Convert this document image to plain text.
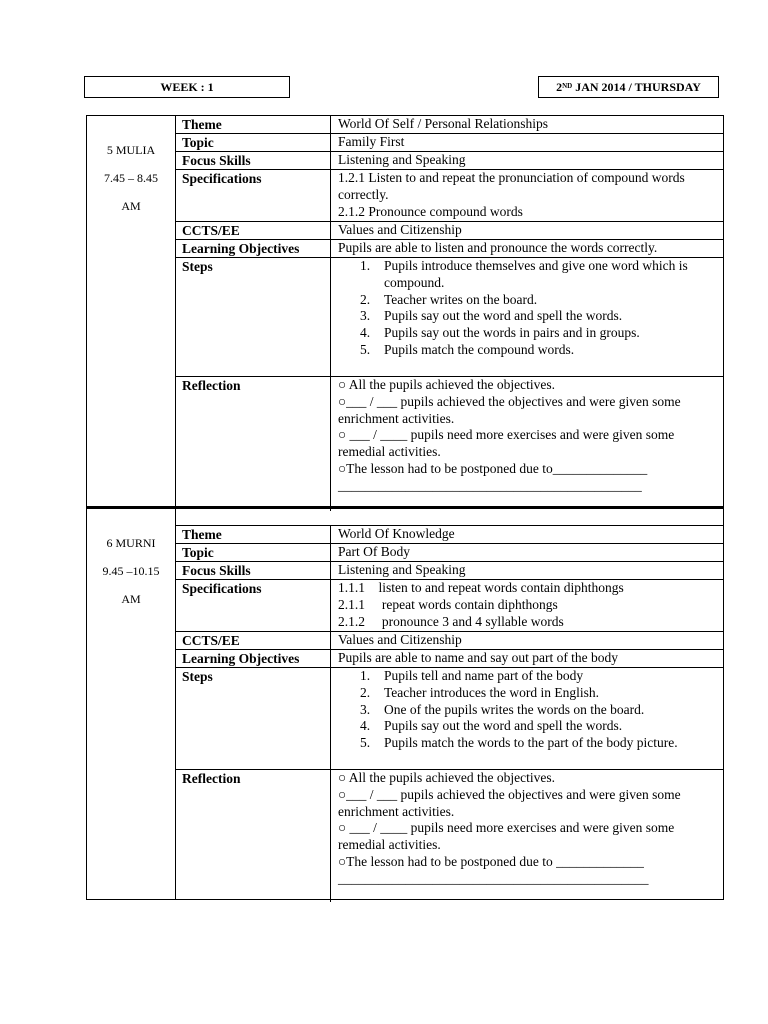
WEEK : 1	2ND JAN 2014 / THURSDAY
5 MULIA
7.45 – 8.45
AM
Theme	World Of Self / Personal Relationships
Topic	Family First
Focus Skills	Listening and Speaking
Specifications	1.2.1 Listen to and repeat the pronunciation of compound words correctly.
2.1.2 Pronounce compound words
CCTS/EE	Values and Citizenship
Learning Objectives	Pupils are able to listen and pronounce the words correctly.
Steps	1. Pupils introduce themselves and give one word which is compound.
2. Teacher writes on the board.
3. Pupils say out the word and spell the words.
4. Pupils say out the words in pairs and in groups.
5. Pupils match the compound words.
Reflection	○ All the pupils achieved the objectives.
○___ / ___ pupils achieved the objectives and were given some enrichment activities.
○ ___ / ____ pupils need more exercises and were given some remedial activities.
○The lesson had to be postponed due to______________
_____________________________________________
6 MURNI
9.45 –10.15
AM
Theme	World Of Knowledge
Topic	Part Of Body
Focus Skills	Listening and Speaking
Specifications	1.1.1    listen to and repeat words contain diphthongs
2.1.1     repeat words contain diphthongs
2.1.2     pronounce 3 and 4 syllable words
CCTS/EE	Values and Citizenship
Learning Objectives	Pupils are able to name and say out part of the body
Steps	1. Pupils tell and name part of the body
2. Teacher introduces the word in English.
3. One of the pupils writes the words on the board.
4. Pupils say out the word and spell the words.
5. Pupils match the words to the part of the body picture.
Reflection	○ All the pupils achieved the objectives.
○___ / ___ pupils achieved the objectives and were given some enrichment activities.
○ ___ / ____ pupils need more exercises and were given some remedial activities.
○The lesson had to be postponed due to _____________
______________________________________________
